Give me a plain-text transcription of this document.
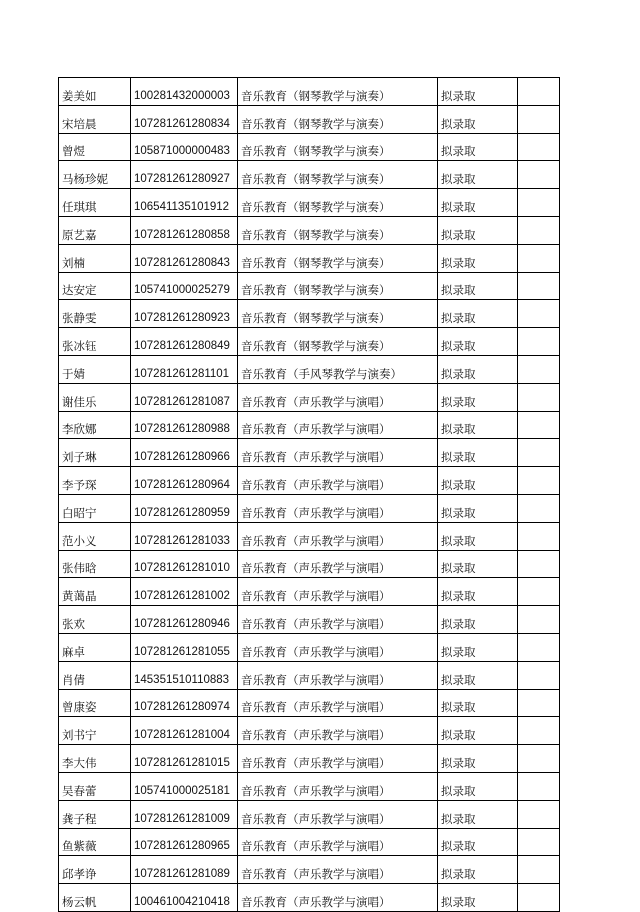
姜美如	100281432000003	音乐教育（钢琴教学与演奏）	拟录取	
宋培晨	107281261280834	音乐教育（钢琴教学与演奏）	拟录取	
曾煜	105871000000483	音乐教育（钢琴教学与演奏）	拟录取	
马杨珍妮	107281261280927	音乐教育（钢琴教学与演奏）	拟录取	
任琪琪	106541135101912	音乐教育（钢琴教学与演奏）	拟录取	
原艺嘉	107281261280858	音乐教育（钢琴教学与演奏）	拟录取	
刘楠	107281261280843	音乐教育（钢琴教学与演奏）	拟录取	
达安定	105741000025279	音乐教育（钢琴教学与演奏）	拟录取	
张静雯	107281261280923	音乐教育（钢琴教学与演奏）	拟录取	
张冰钰	107281261280849	音乐教育（钢琴教学与演奏）	拟录取	
于婧	107281261281101	音乐教育（手风琴教学与演奏）	拟录取	
谢佳乐	107281261281087	音乐教育（声乐教学与演唱）	拟录取	
李欣娜	107281261280988	音乐教育（声乐教学与演唱）	拟录取	
刘子琳	107281261280966	音乐教育（声乐教学与演唱）	拟录取	
李予琛	107281261280964	音乐教育（声乐教学与演唱）	拟录取	
白昭宁	107281261280959	音乐教育（声乐教学与演唱）	拟录取	
范小义	107281261281033	音乐教育（声乐教学与演唱）	拟录取	
张伟晗	107281261281010	音乐教育（声乐教学与演唱）	拟录取	
黄蔼晶	107281261281002	音乐教育（声乐教学与演唱）	拟录取	
张欢	107281261280946	音乐教育（声乐教学与演唱）	拟录取	
麻卓	107281261281055	音乐教育（声乐教学与演唱）	拟录取	
肖倩	145351510110883	音乐教育（声乐教学与演唱）	拟录取	
曾康姿	107281261280974	音乐教育（声乐教学与演唱）	拟录取	
刘书宁	107281261281004	音乐教育（声乐教学与演唱）	拟录取	
李大伟	107281261281015	音乐教育（声乐教学与演唱）	拟录取	
吴春蕾	105741000025181	音乐教育（声乐教学与演唱）	拟录取	
龚子程	107281261281009	音乐教育（声乐教学与演唱）	拟录取	
鱼紫薇	107281261280965	音乐教育（声乐教学与演唱）	拟录取	
邱孝诤	107281261281089	音乐教育（声乐教学与演唱）	拟录取	
杨云帆	100461004210418	音乐教育（声乐教学与演唱）	拟录取	
